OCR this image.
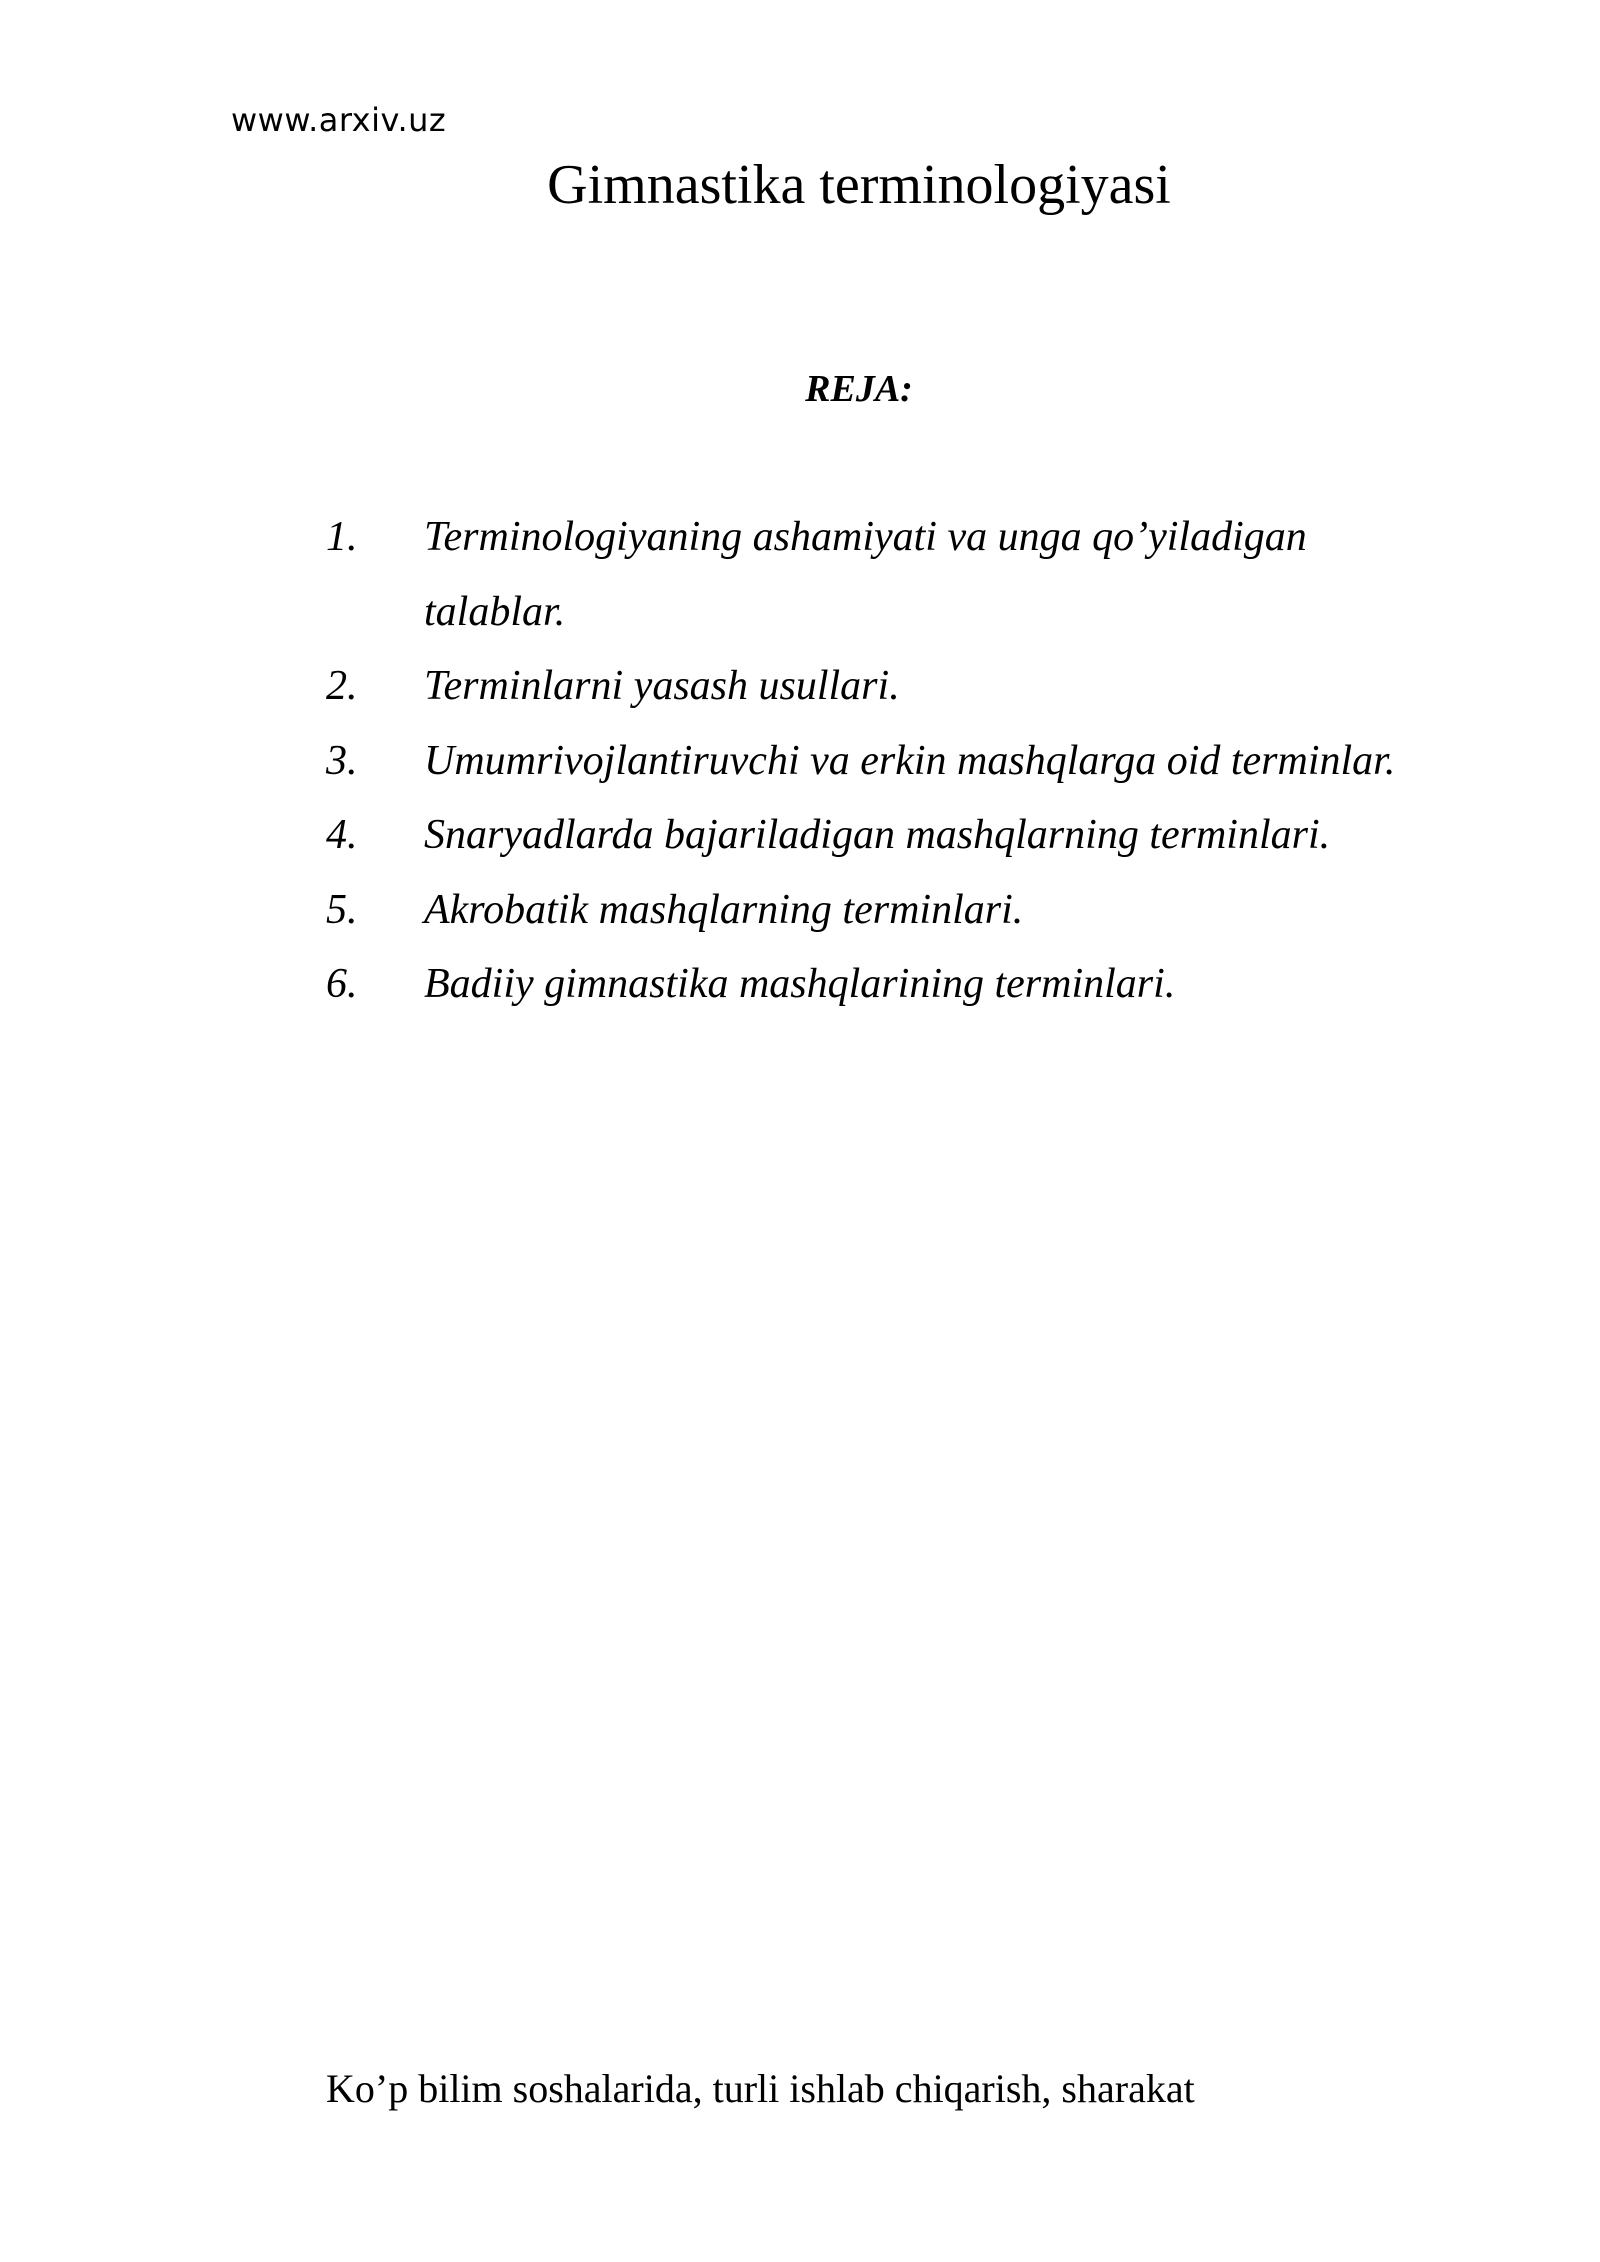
www.arxiv.uz
Gimnastika terminologiyasi
REJA:
1.	Terminologiyaning ashamiyati va unga qo’yiladigan talablar.
2.	Terminlarni yasash usullari.
3.	Umumrivojlantiruvchi va erkin mashqlarga oid terminlar.
4.	Snaryadlarda bajariladigan mashqlarning terminlari.
5.	Akrobatik mashqlarning terminlari.
6.	Badiiy gimnastika mashqlarining terminlari.
Ko’p bilim soshalarida, turli ishlab chiqarish, sharakat
